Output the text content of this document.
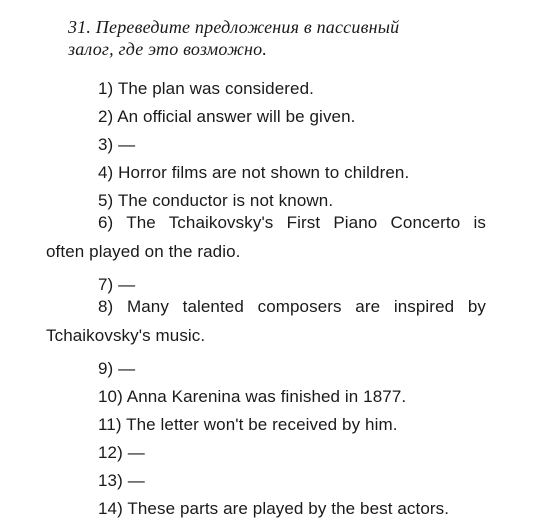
31. Переведите предложения в пассивный
залог, где это возможно.
1) The plan was considered.
2) An official answer will be given.
3) —
4) Horror films are not shown to children.
5) The conductor is not known.
6) The Tchaikovsky's First Piano Concerto is
often played on the radio.
7) —
8) Many talented composers are inspired by
Tchaikovsky's music.
9) —
10) Anna Karenina was finished in 1877.
11) The letter won't be received by him.
12) —
13) —
14) These parts are played by the best actors.
